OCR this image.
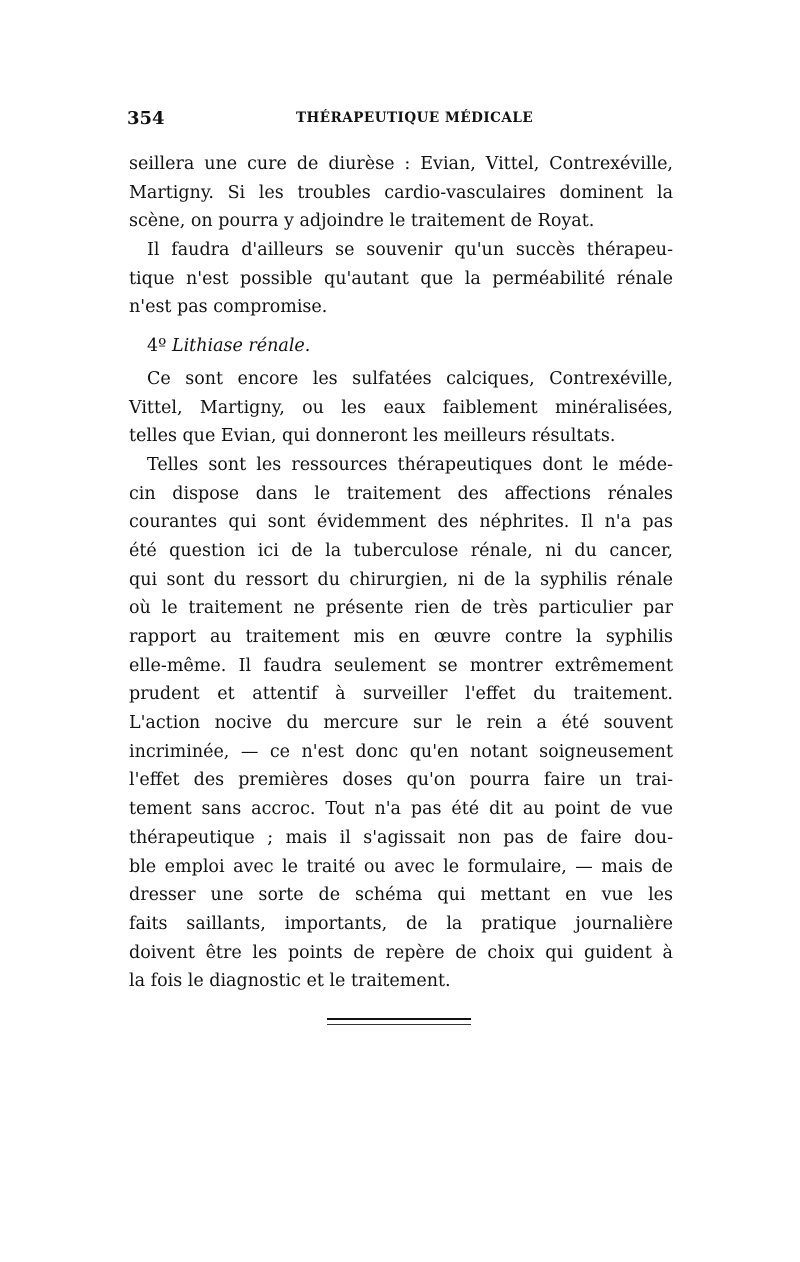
354	THÉRAPEUTIQUE MÉDICALE
seillera une cure de diurèse : Evian, Vittel, Contrexéville,
Martigny. Si les troubles cardio-vasculaires dominent la
scène, on pourra y adjoindre le traitement de Royat.
Il faudra d'ailleurs se souvenir qu'un succès thérapeu-
tique n'est possible qu'autant que la perméabilité rénale
n'est pas compromise.
4º Lithiase rénale.
Ce sont encore les sulfatées calciques, Contrexéville,
Vittel, Martigny, ou les eaux faiblement minéralisées,
telles que Evian, qui donneront les meilleurs résultats.
Telles sont les ressources thérapeutiques dont le méde-
cin dispose dans le traitement des affections rénales
courantes qui sont évidemment des néphrites. Il n'a pas
été question ici de la tuberculose rénale, ni du cancer,
qui sont du ressort du chirurgien, ni de la syphilis rénale
où le traitement ne présente rien de très particulier par
rapport au traitement mis en œuvre contre la syphilis
elle-même. Il faudra seulement se montrer extrêmement
prudent et attentif à surveiller l'effet du traitement.
L'action nocive du mercure sur le rein a été souvent
incriminée, — ce n'est donc qu'en notant soigneusement
l'effet des premières doses qu'on pourra faire un trai-
tement sans accroc. Tout n'a pas été dit au point de vue
thérapeutique ; mais il s'agissait non pas de faire dou-
ble emploi avec le traité ou avec le formulaire, — mais de
dresser une sorte de schéma qui mettant en vue les
faits saillants, importants, de la pratique journalière
doivent être les points de repère de choix qui guident à
la fois le diagnostic et le traitement.
